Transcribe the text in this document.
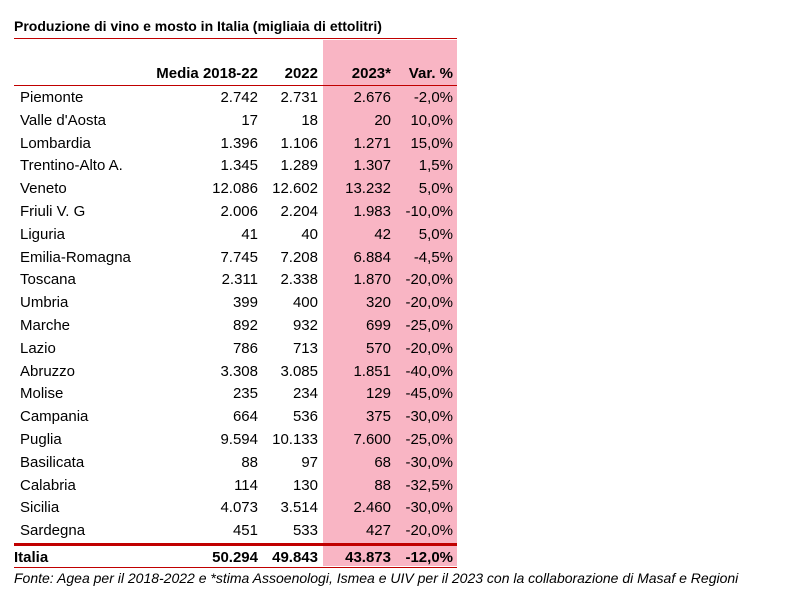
Produzione di vino e mosto in Italia (migliaia di ettolitri)
Media 2018-22 2022 2023* Var. %
Piemonte	2.742 2.731 2.676 -2,0%
Valle d'Aosta	17	18	20 10,0%
Lombardia	1.396 1.106 1.271 15,0%
Trentino-Alto A.	1.345 1.289 1.307 1,5%
Veneto	12.086 12.602 13.232 5,0%
Friuli V. G	2.006 2.204 1.983 -10,0%
Liguria	41	40	42 5,0%
Emilia-Romagna	7.745 7.208 6.884 -4,5%
Toscana	2.311 2.338 1.870 -20,0%
Umbria	399 400	320 -20,0%
Marche	892 932	699 -25,0%
Lazio	786 713	570 -20,0%
Abruzzo	3.308 3.085 1.851 -40,0%
Molise	235 234	129 -45,0%
Campania	664 536	375 -30,0%
Puglia	9.594 10.133 7.600 -25,0%
Basilicata	88	97	68 -30,0%
Calabria	114 130	88 -32,5%
Sicilia	4.073 3.514 2.460 -30,0%
Sardegna	451 533	427 -20,0%
Italia	50.294 49.843 43.873 -12,0%
Fonte: Agea per il 2018-2022 e *stima Assoenologi, Ismea e UIV per il 2023 con la collaborazione di Masaf e Regioni
